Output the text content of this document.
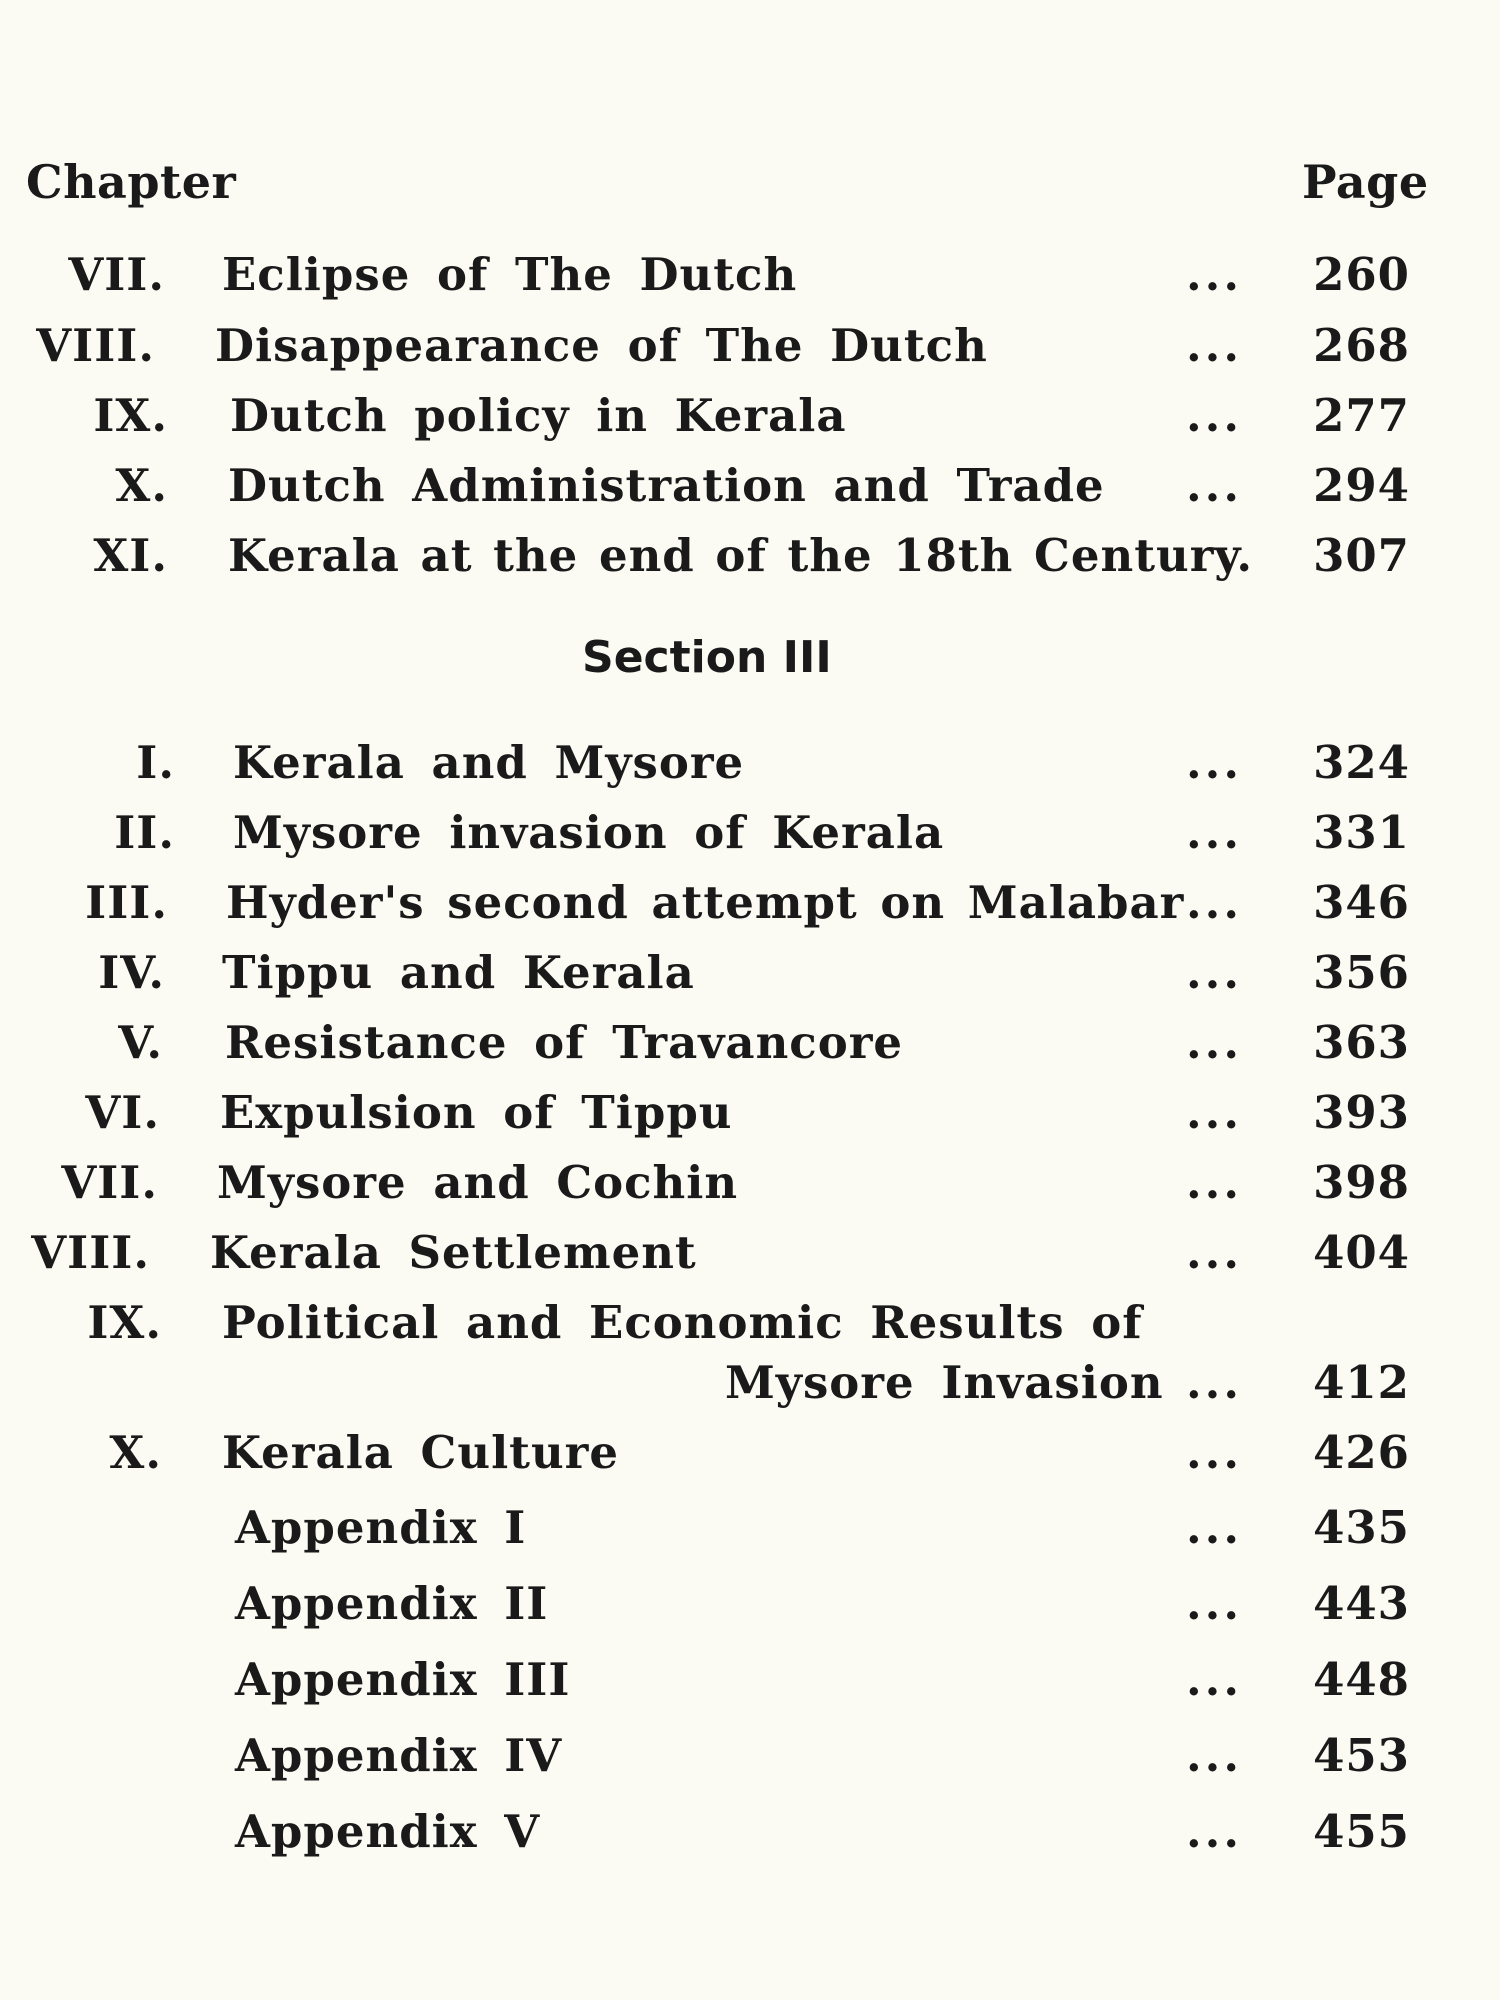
Chapter	Page
VII. Eclipse of The Dutch	... 260
VIII. Disappearance of The Dutch	... 268
IX. Dutch policy in Kerala	... 277
X. Dutch Administration and Trade ... 294
XI. Kerala at the end of the 18th Century. 307
Section III
I. Kerala and Mysore	... 324
II. Mysore invasion of Kerala	... 331
III. Hyder's second attempt on Malabar ... 346
IV. Tippu and Kerala	... 356
V. Resistance of Travancore	... 363
VI. Expulsion of Tippu	... 393
VII. Mysore and Cochin	... 398
VIII. Kerala Settlement	... 404
IX. Political and Economic Results of
Mysore Invasion ... 412
X. Kerala Culture	... 426
Appendix I	... 435
Appendix II	... 443
Appendix III	... 448
Appendix IV	... 453
Appendix V	... 455
